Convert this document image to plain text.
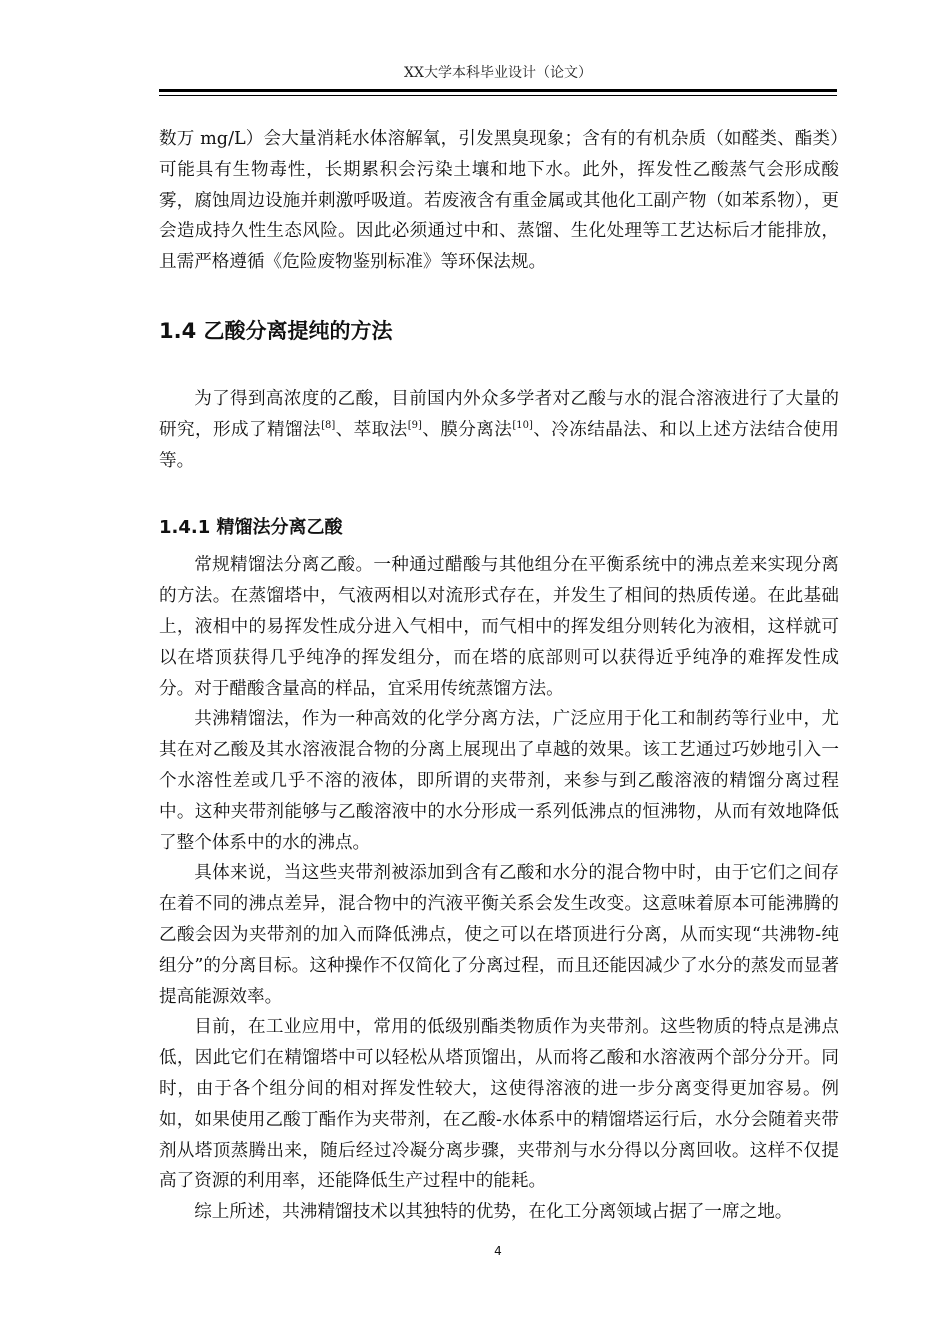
XX大学本科毕业设计（论文）

数万 mg/L）会大量消耗水体溶解氧，引发黑臭现象；含有的有机杂质（如醛类、酯类）可能具有生物毒性，长期累积会污染土壤和地下水。此外，挥发性乙酸蒸气会形成酸雾，腐蚀周边设施并刺激呼吸道。若废液含有重金属或其他化工副产物（如苯系物），更会造成持久性生态风险。因此必须通过中和、蒸馏、生化处理等工艺达标后才能排放，且需严格遵循《危险废物鉴别标准》等环保法规。

1.4 乙酸分离提纯的方法

为了得到高浓度的乙酸，目前国内外众多学者对乙酸与水的混合溶液进行了大量的研究，形成了精馏法[8]、萃取法[9]、膜分离法[10]、冷冻结晶法、和以上述方法结合使用等。

1.4.1 精馏法分离乙酸

常规精馏法分离乙酸。一种通过醋酸与其他组分在平衡系统中的沸点差来实现分离的方法。在蒸馏塔中，气液两相以对流形式存在，并发生了相间的热质传递。在此基础上，液相中的易挥发性成分进入气相中，而气相中的挥发组分则转化为液相，这样就可以在塔顶获得几乎纯净的挥发组分，而在塔的底部则可以获得近乎纯净的难挥发性成分。对于醋酸含量高的样品，宜采用传统蒸馏方法。

共沸精馏法，作为一种高效的化学分离方法，广泛应用于化工和制药等行业中，尤其在对乙酸及其水溶液混合物的分离上展现出了卓越的效果。该工艺通过巧妙地引入一个水溶性差或几乎不溶的液体，即所谓的夹带剂，来参与到乙酸溶液的精馏分离过程中。这种夹带剂能够与乙酸溶液中的水分形成一系列低沸点的恒沸物，从而有效地降低了整个体系中的水的沸点。

具体来说，当这些夹带剂被添加到含有乙酸和水分的混合物中时，由于它们之间存在着不同的沸点差异，混合物中的汽液平衡关系会发生改变。这意味着原本可能沸腾的乙酸会因为夹带剂的加入而降低沸点，使之可以在塔顶进行分离，从而实现“共沸物-纯组分”的分离目标。这种操作不仅简化了分离过程，而且还能因减少了水分的蒸发而显著提高能源效率。

目前，在工业应用中，常用的低级别酯类物质作为夹带剂。这些物质的特点是沸点低，因此它们在精馏塔中可以轻松从塔顶馏出，从而将乙酸和水溶液两个部分分开。同时，由于各个组分间的相对挥发性较大，这使得溶液的进一步分离变得更加容易。例如，如果使用乙酸丁酯作为夹带剂，在乙酸-水体系中的精馏塔运行后，水分会随着夹带剂从塔顶蒸腾出来，随后经过冷凝分离步骤，夹带剂与水分得以分离回收。这样不仅提高了资源的利用率，还能降低生产过程中的能耗。

综上所述，共沸精馏技术以其独特的优势，在化工分离领域占据了一席之地。

4
